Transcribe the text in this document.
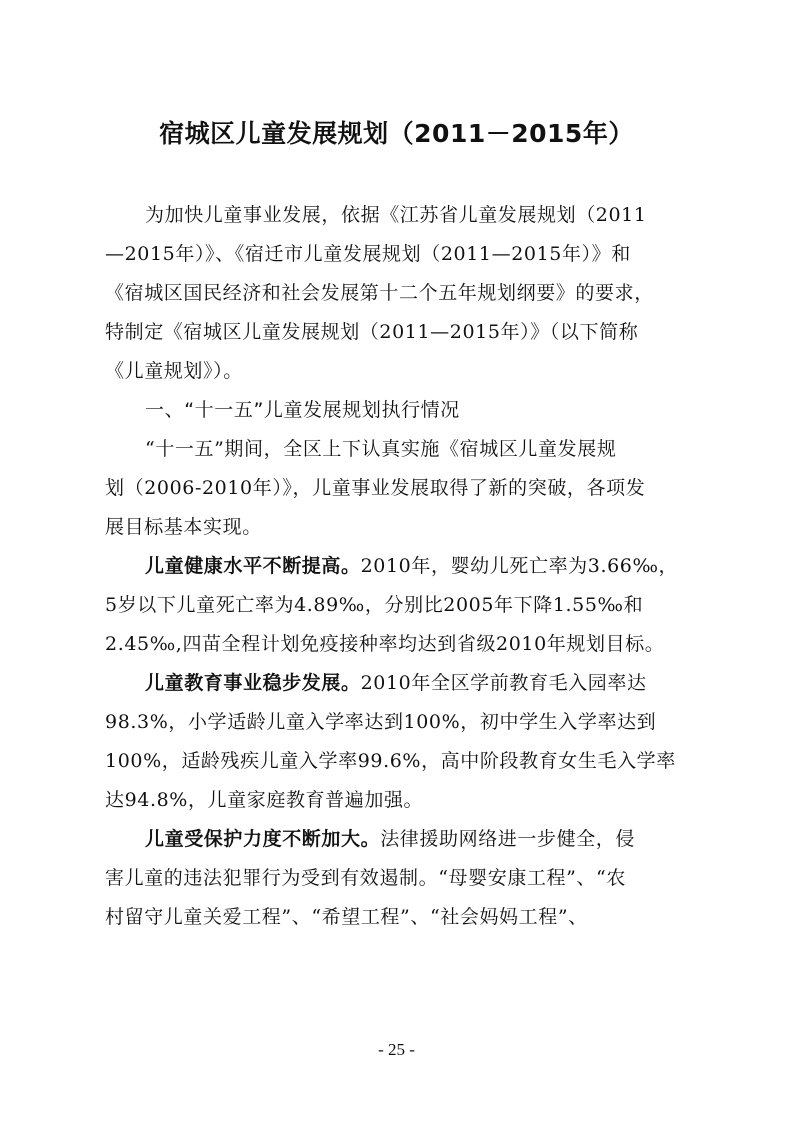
宿城区儿童发展规划（2011－2015年）
为加快儿童事业发展，依据《江苏省儿童发展规划（2011
—2015年）》、《宿迁市儿童发展规划（2011—2015年）》和
《宿城区国民经济和社会发展第十二个五年规划纲要》的要求，
特制定《宿城区儿童发展规划（2011—2015年）》（以下简称
《儿童规划》）。
一、“十一五”儿童发展规划执行情况
“十一五”期间，全区上下认真实施《宿城区儿童发展规
划（2006-2010年）》，儿童事业发展取得了新的突破，各项发
展目标基本实现。
儿童健康水平不断提高。2010年，婴幼儿死亡率为3.66‰，
5岁以下儿童死亡率为4.89‰，分别比2005年下降1.55‰和
2.45‰,四苗全程计划免疫接种率均达到省级2010年规划目标。
儿童教育事业稳步发展。2010年全区学前教育毛入园率达
98.3%，小学适龄儿童入学率达到100%，初中学生入学率达到
100%，适龄残疾儿童入学率99.6%，高中阶段教育女生毛入学率
达94.8%，儿童家庭教育普遍加强。
儿童受保护力度不断加大。法律援助网络进一步健全，侵
害儿童的违法犯罪行为受到有效遏制。“母婴安康工程”、“农
村留守儿童关爱工程”、“希望工程”、“社会妈妈工程”、
- 25 -
